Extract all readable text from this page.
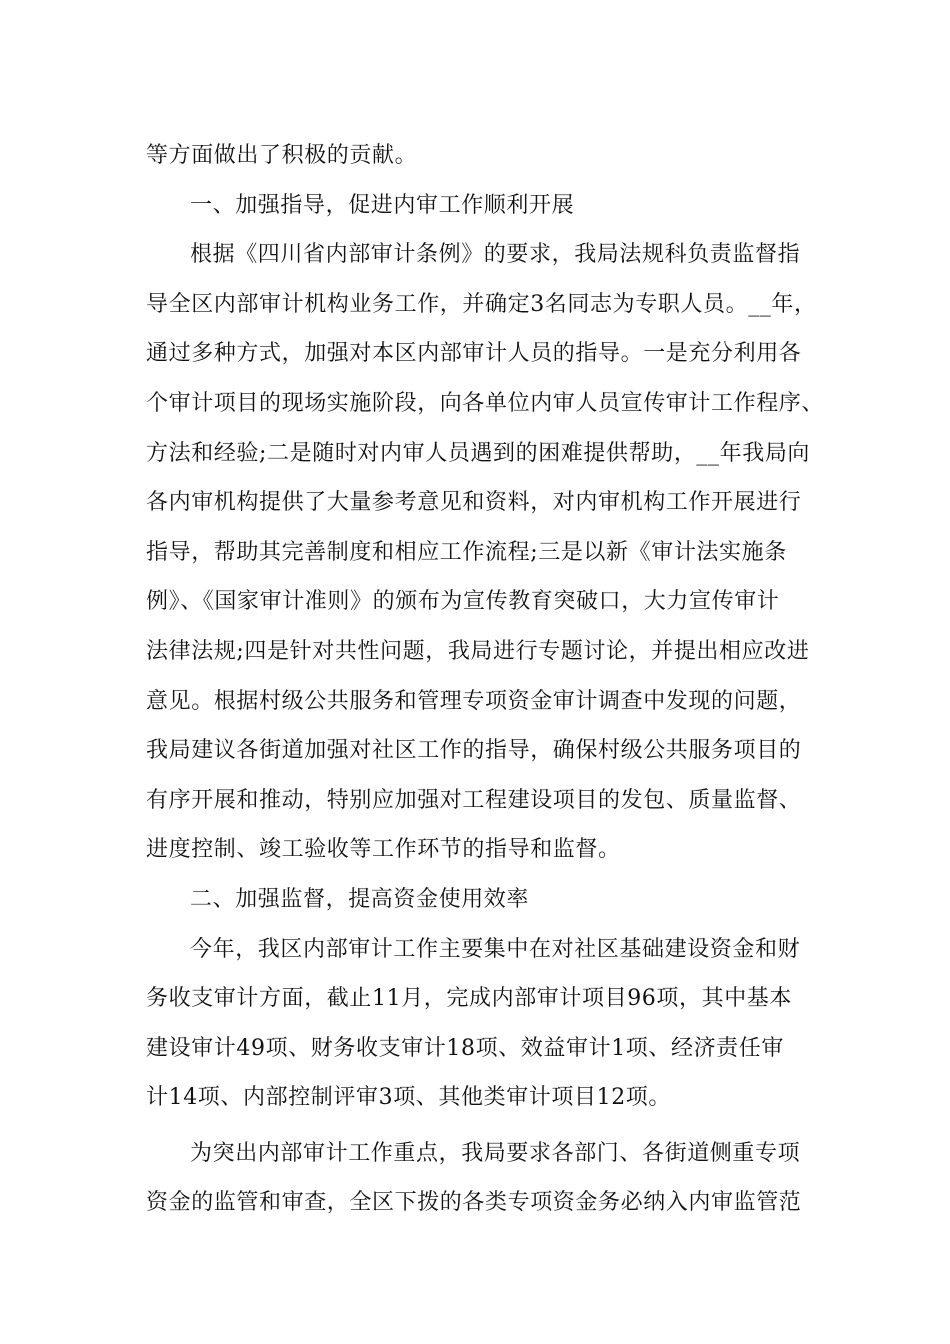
等方面做出了积极的贡献。
一、加强指导，促进内审工作顺利开展
根据《四川省内部审计条例》的要求，我局法规科负责监督指
导全区内部审计机构业务工作，并确定3名同志为专职人员。__年，
通过多种方式，加强对本区内部审计人员的指导。一是充分利用各
个审计项目的现场实施阶段，向各单位内审人员宣传审计工作程序、
方法和经验;二是随时对内审人员遇到的困难提供帮助，__年我局向
各内审机构提供了大量参考意见和资料，对内审机构工作开展进行
指导，帮助其完善制度和相应工作流程;三是以新《审计法实施条
例》、《国家审计准则》的颁布为宣传教育突破口，大力宣传审计
法律法规;四是针对共性问题，我局进行专题讨论，并提出相应改进
意见。根据村级公共服务和管理专项资金审计调查中发现的问题，
我局建议各街道加强对社区工作的指导，确保村级公共服务项目的
有序开展和推动，特别应加强对工程建设项目的发包、质量监督、
进度控制、竣工验收等工作环节的指导和监督。
二、加强监督，提高资金使用效率
今年，我区内部审计工作主要集中在对社区基础建设资金和财
务收支审计方面，截止11月，完成内部审计项目96项，其中基本
建设审计49项、财务收支审计18项、效益审计1项、经济责任审
计14项、内部控制评审3项、其他类审计项目12项。
为突出内部审计工作重点，我局要求各部门、各街道侧重专项
资金的监管和审查，全区下拨的各类专项资金务必纳入内审监管范
